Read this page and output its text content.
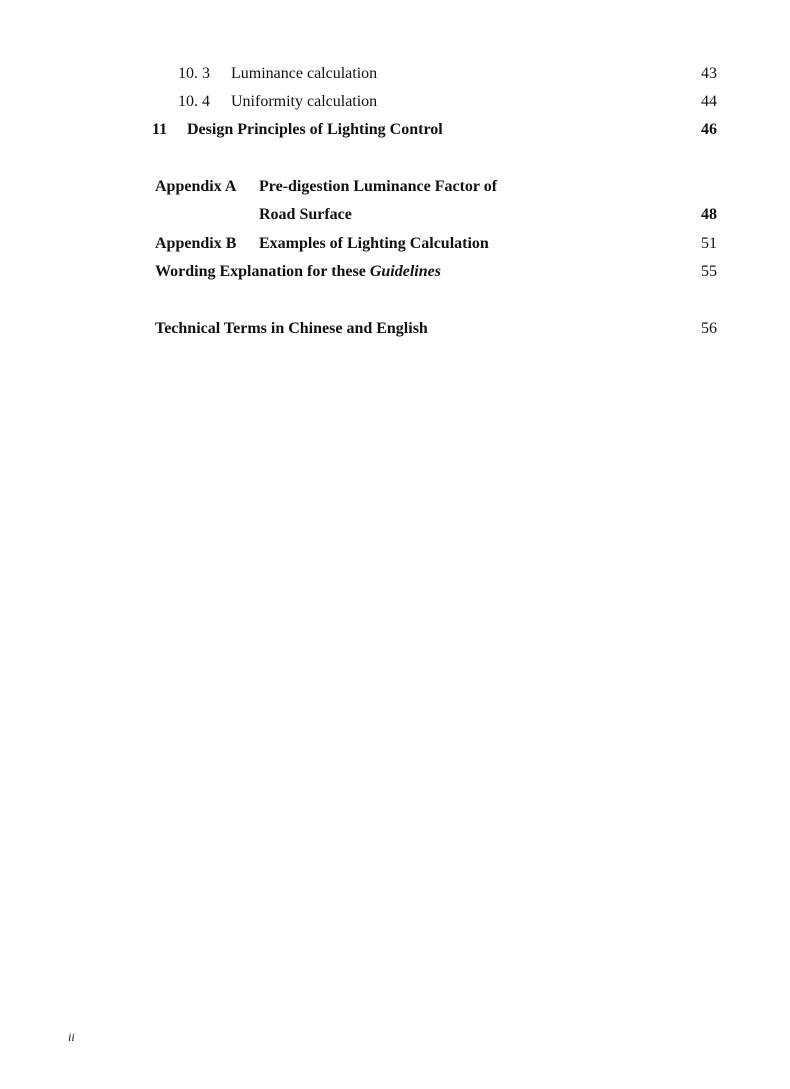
10. 3 Luminance calculation	43
10. 4 Uniformity calculation	44
11 Design Principles of Lighting Control	46
Appendix A Pre-digestion Luminance Factor of
Road Surface	48
Appendix B Examples of Lighting Calculation	51
Wording Explanation for these Guidelines	55
Technical Terms in Chinese and English	56
ii
